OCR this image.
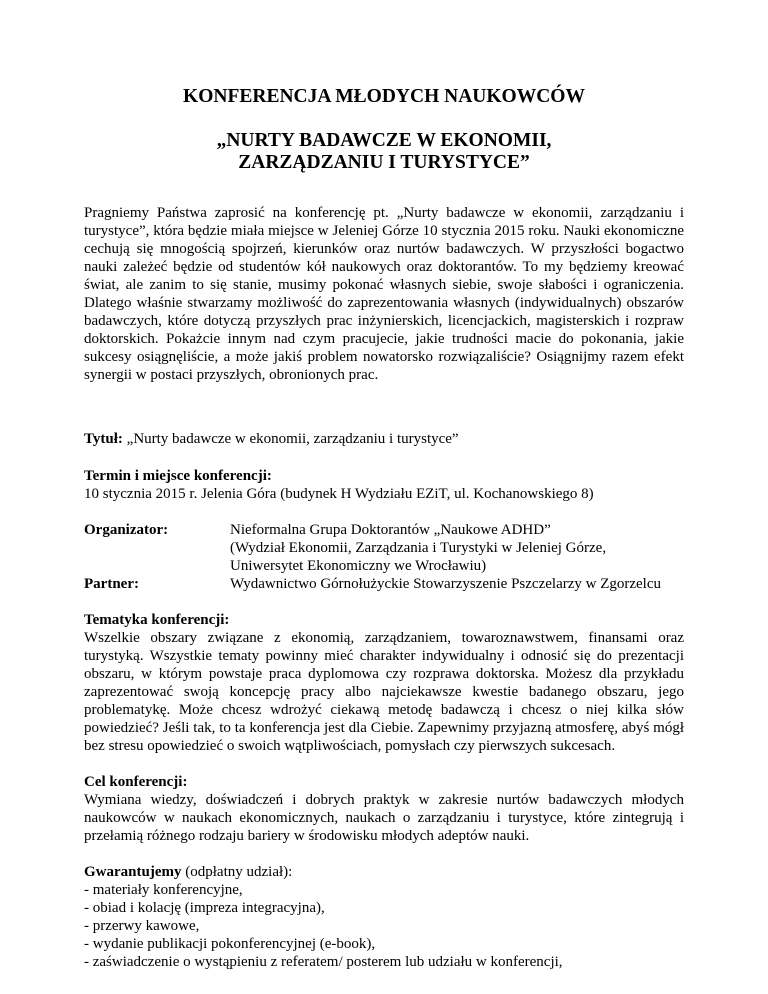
KONFERENCJA MŁODYCH NAUKOWCÓW
„NURTY BADAWCZE W EKONOMII,
ZARZĄDZANIU I TURYSTYCE”

Pragniemy Państwa zaprosić na konferencję pt. „Nurty badawcze w ekonomii, zarządzaniu i turystyce”, która będzie miała miejsce w Jeleniej Górze 10 stycznia 2015 roku. Nauki ekonomiczne cechują się mnogością spojrzeń, kierunków oraz nurtów badawczych. W przyszłości bogactwo nauki zależeć będzie od studentów kół naukowych oraz doktorantów. To my będziemy kreować świat, ale zanim to się stanie, musimy pokonać własnych siebie, swoje słabości i ograniczenia. Dlatego właśnie stwarzamy możliwość do zaprezentowania własnych (indywidualnych) obszarów badawczych, które dotyczą przyszłych prac inżynierskich, licencjackich, magisterskich i rozpraw doktorskich. Pokażcie innym nad czym pracujecie, jakie trudności macie do pokonania, jakie sukcesy osiągnęliście, a może jakiś problem nowatorsko rozwiązaliście? Osiągnijmy razem efekt synergii w postaci przyszłych, obronionych prac.

Tytuł: „Nurty badawcze w ekonomii, zarządzaniu i turystyce”

Termin i miejsce konferencji:

10 stycznia 2015 r. Jelenia Góra (budynek H Wydziału EZiT, ul. Kochanowskiego 8)

Organizator:	Nieformalna Grupa Doktorantów „Naukowe ADHD”

(Wydział Ekonomii, Zarządzania i Turystyki w Jeleniej Górze,

Uniwersytet Ekonomiczny we Wrocławiu)

Wydawnictwo Górnołużyckie Stowarzyszenie Pszczelarzy w Zgorzelcu

Partner:

Tematyka konferencji:

Wszelkie obszary związane z ekonomią, zarządzaniem, towaroznawstwem, finansami oraz turystyką. Wszystkie tematy powinny mieć charakter indywidualny i odnosić się do prezentacji obszaru, w którym powstaje praca dyplomowa czy rozprawa doktorska. Możesz dla przykładu zaprezentować swoją koncepcję pracy albo najciekawsze kwestie badanego obszaru, jego problematykę. Może chcesz wdrożyć ciekawą metodę badawczą i chcesz o niej kilka słów powiedzieć? Jeśli tak, to ta konferencja jest dla Ciebie. Zapewnimy przyjazną atmosferę, abyś mógł bez stresu opowiedzieć o swoich wątpliwościach, pomysłach czy pierwszych sukcesach.

Cel konferencji:

Wymiana wiedzy, doświadczeń i dobrych praktyk w zakresie nurtów badawczych młodych naukowców w naukach ekonomicznych, naukach o zarządzaniu i turystyce, które zintegrują i przełamią różnego rodzaju bariery w środowisku młodych adeptów nauki.

Gwarantujemy (odpłatny udział):

- materiały konferencyjne,
- obiad i kolację (impreza integracyjna),
- przerwy kawowe,
- wydanie publikacji pokonferencyjnej (e-book),
- zaświadczenie o wystąpieniu z referatem/ posterem lub udziału w konferencji,
